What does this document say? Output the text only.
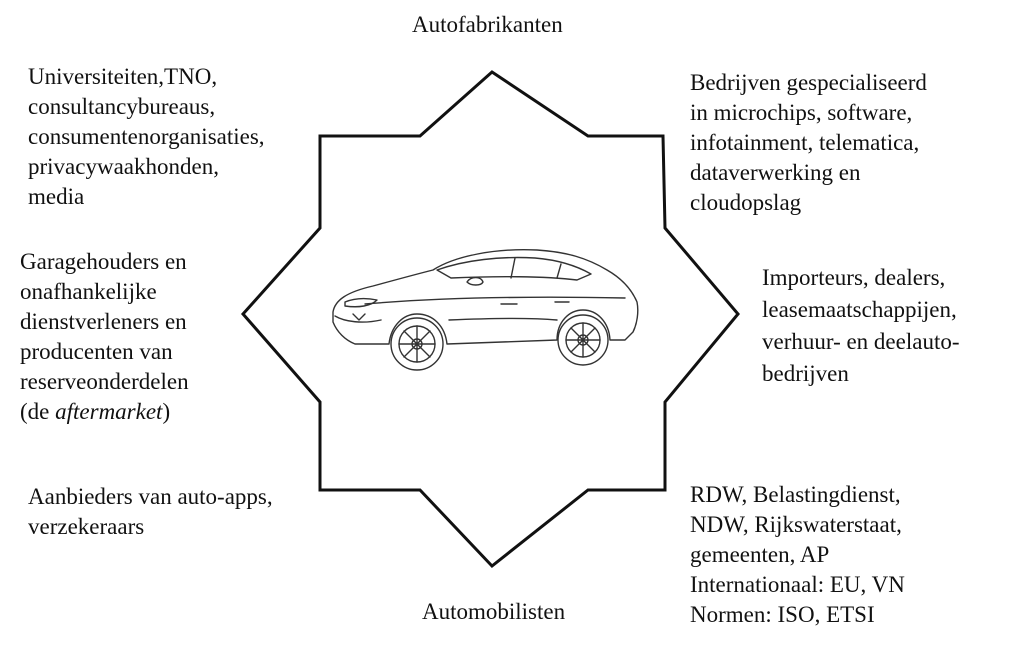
Autofabrikanten
Automobilisten
Universiteiten,TNO,
consultancybureaus,
consumentenorganisaties,
privacywaakhonden,
media
Garagehouders en
onafhankelijke
dienstverleners en
producenten van
reserveonderdelen
(de aftermarket)
Aanbieders van auto-apps,
verzekeraars
Bedrijven gespecialiseerd
in microchips, software,
infotainment, telematica,
dataverwerking en
cloudopslag
Importeurs, dealers,
leasemaatschappijen,
verhuur- en deelauto-
bedrijven
RDW, Belastingdienst,
NDW, Rijkswaterstaat,
gemeenten, AP
Internationaal: EU, VN
Normen: ISO, ETSI
